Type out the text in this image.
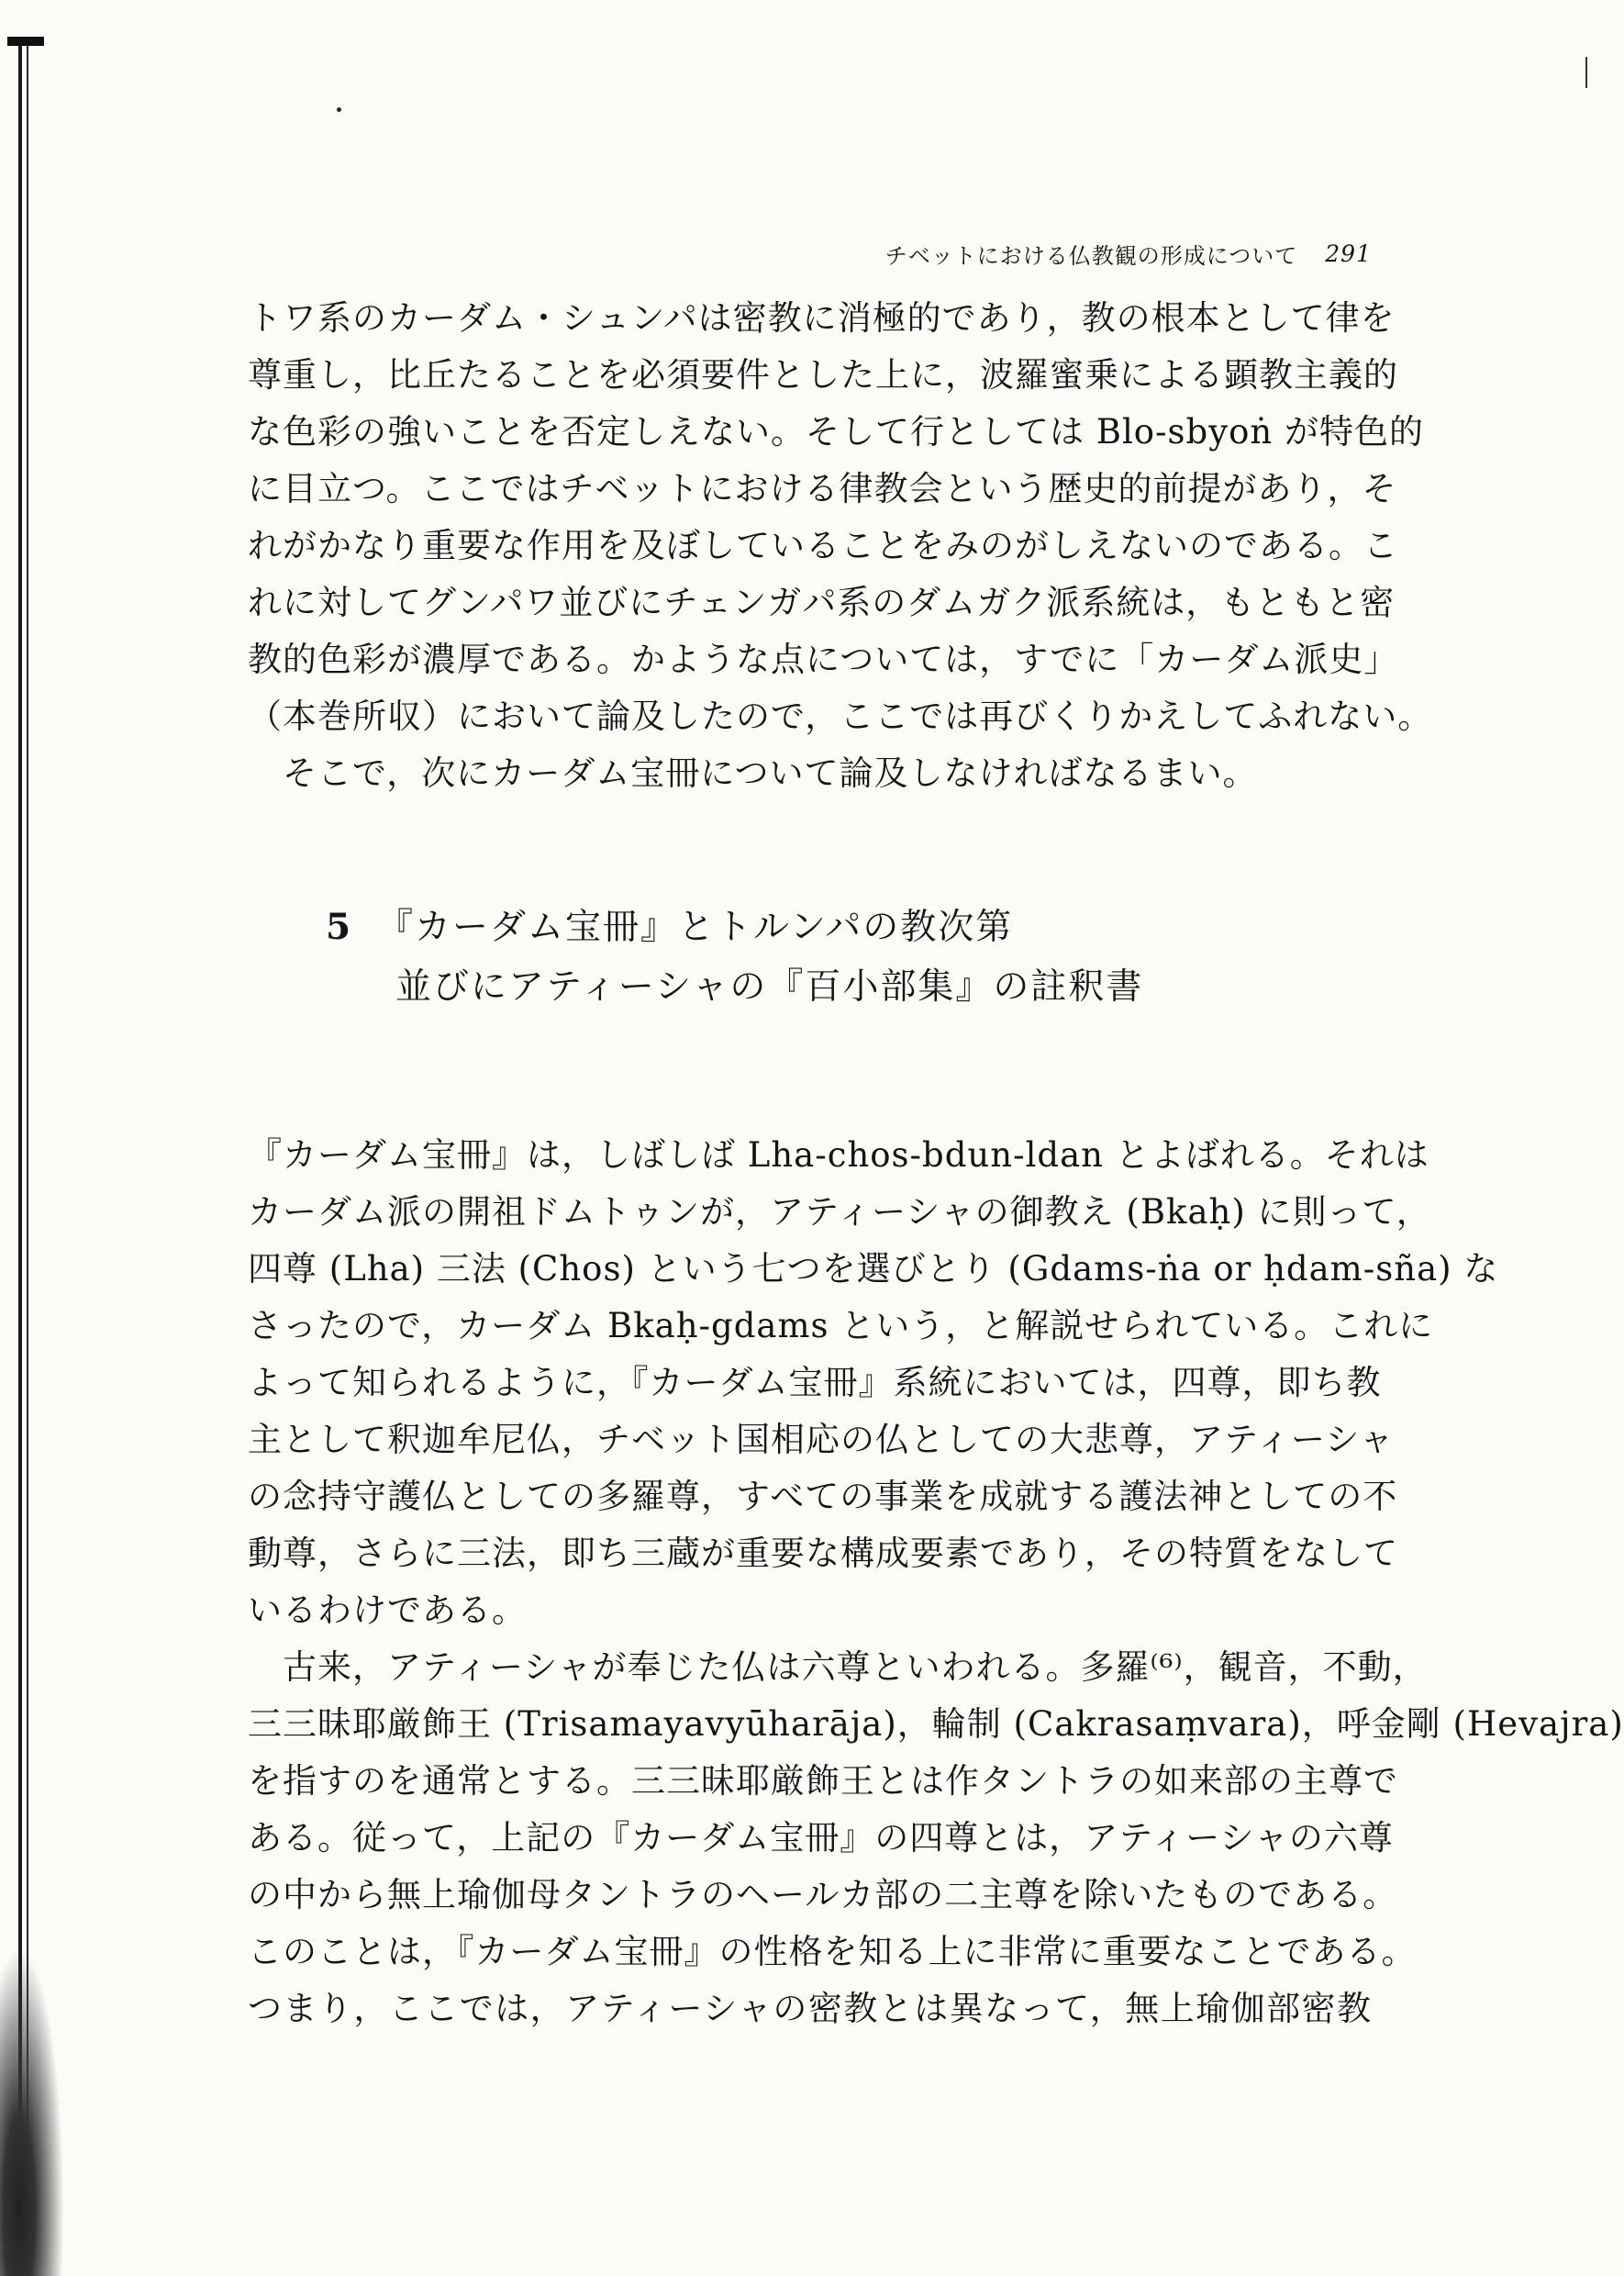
チベットにおける仏教観の形成について 291
トワ系のカーダム・シュンパは密教に消極的であり，教の根本として律を
尊重し，比丘たることを必須要件とした上に，波羅蜜乗による顕教主義的
な色彩の強いことを否定しえない。そして行としては Blo-sbyoṅ が特色的
に目立つ。ここではチベットにおける律教会という歴史的前提があり，そ
れがかなり重要な作用を及ぼしていることをみのがしえないのである。こ
れに対してグンパワ並びにチェンガパ系のダムガク派系統は，もともと密
教的色彩が濃厚である。かような点については，すでに「カーダム派史」
（本巻所収）において論及したので，ここでは再びくりかえしてふれない。
そこで，次にカーダム宝冊について論及しなければなるまい。
5 『カーダム宝冊』とトルンパの教次第
並びにアティーシャの『百小部集』の註釈書
『カーダム宝冊』は，しばしば Lha-chos-bdun-ldan とよばれる。それは
カーダム派の開祖ドムトゥンが，アティーシャの御教え (Bkaḥ) に則って，
四尊 (Lha) 三法 (Chos) という七つを選びとり (Gdams-ṅa or ḥdam-sña) な
さったので，カーダム Bkaḥ-gdams という，と解説せられている。これに
よって知られるように，『カーダム宝冊』系統においては，四尊，即ち教
主として釈迦牟尼仏，チベット国相応の仏としての大悲尊，アティーシャ
の念持守護仏としての多羅尊，すべての事業を成就する護法神としての不
動尊，さらに三法，即ち三蔵が重要な構成要素であり，その特質をなして
いるわけである。
古来，アティーシャが奉じた仏は六尊といわれる。多羅⁽⁶⁾，観音，不動，
三三昧耶厳飾王 (Trisamayavyūharāja)，輪制 (Cakrasaṃvara)，呼金剛 (Hevajra)
を指すのを通常とする。三三昧耶厳飾王とは作タントラの如来部の主尊で
ある。従って，上記の『カーダム宝冊』の四尊とは，アティーシャの六尊
の中から無上瑜伽母タントラのヘールカ部の二主尊を除いたものである。
このことは，『カーダム宝冊』の性格を知る上に非常に重要なことである。
つまり，ここでは，アティーシャの密教とは異なって，無上瑜伽部密教
